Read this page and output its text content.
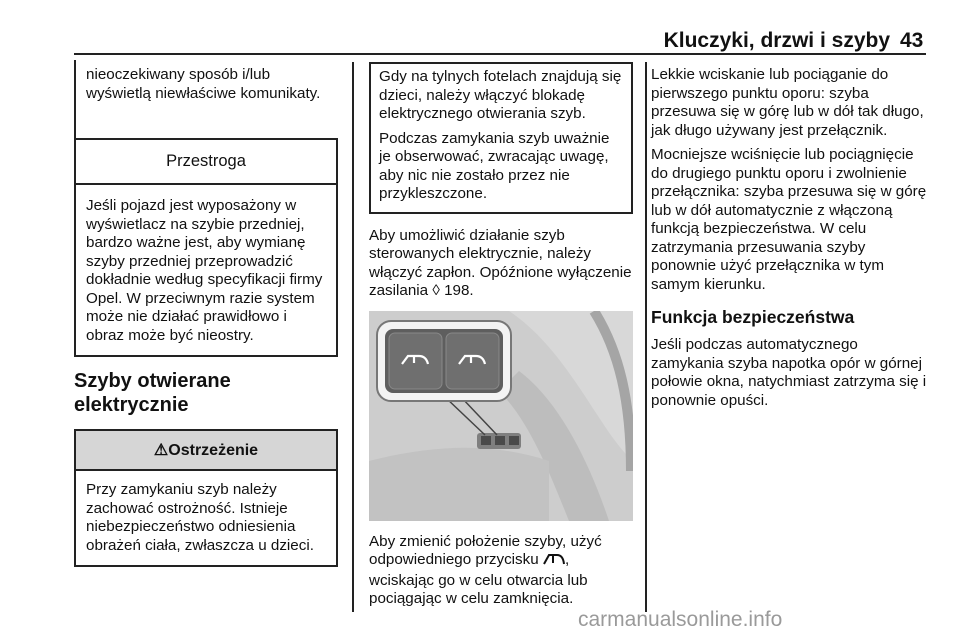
Kluczyki, drzwi i szyby 43

nieoczekiwany sposób i/lub wyświetlą niewłaściwe komunikaty.

Przestroga

Jeśli pojazd jest wyposażony w wyświetlacz na szybie przedniej, bardzo ważne jest, aby wymianę szyby przedniej przeprowadzić dokładnie według specyfikacji firmy Opel. W przeciwnym razie system może nie działać prawidłowo i obraz może być nieostry.

Szyby otwierane elektrycznie
⚠Ostrzeżenie

Przy zamykaniu szyb należy zachować ostrożność. Istnieje niebezpieczeństwo odniesienia obrażeń ciała, zwłaszcza u dzieci.

Gdy na tylnych fotelach znajdują się dzieci, należy włączyć blokadę elektrycznego otwierania szyb.

Podczas zamykania szyb uważnie je obserwować, zwracając uwagę, aby nic nie zostało przez nie przykleszczone.

Aby umożliwić działanie szyb sterowanych elektrycznie, należy włączyć zapłon. Opóźnione wyłączenie zasilania ◊ 198.

Aby zmienić położenie szyby, użyć odpowiedniego przycisku , wciskając go w celu otwarcia lub pociągając w celu zamknięcia.

Lekkie wciskanie lub pociąganie do pierwszego punktu oporu: szyba przesuwa się w górę lub w dół tak długo, jak długo używany jest przełącznik.

Mocniejsze wciśnięcie lub pociągnięcie do drugiego punktu oporu i zwolnienie przełącznika: szyba przesuwa się w górę lub w dół automatycznie z włączoną funkcją bezpieczeństwa. W celu zatrzymania przesuwania szyby ponownie użyć przełącznika w tym samym kierunku.

Funkcja bezpieczeństwa

Jeśli podczas automatycznego zamykania szyba napotka opór w górnej połowie okna, natychmiast zatrzyma się i ponownie opuści.

carmanualsonline.info
